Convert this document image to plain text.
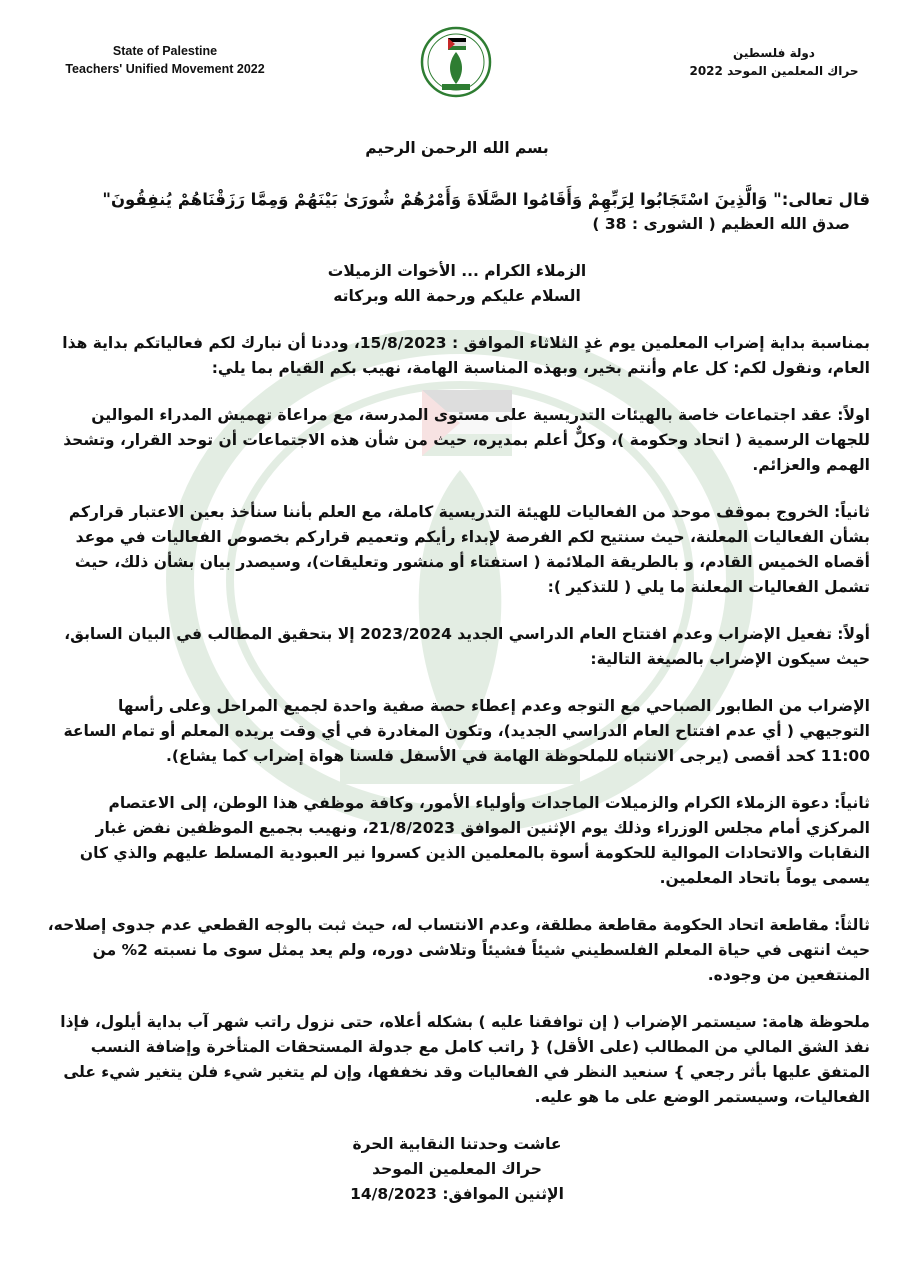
State of Palestine
Teachers' Unified Movement 2022
دولة فلسطين
حراك المعلمين الموحد 2022

بسم الله الرحمن الرحيم

قال تعالى:" وَالَّذِينَ اسْتَجَابُوا لِرَبِّهِمْ وَأَقَامُوا الصَّلَاةَ وَأَمْرُهُمْ شُورَىٰ بَيْنَهُمْ وَمِمَّا رَزَقْنَاهُمْ يُنفِقُونَ"

صدق الله العظيم ( الشورى : 38 )

الزملاء الكرام ... الأخوات الزميلات

السلام عليكم ورحمة الله وبركاته

بمناسبة بداية إضراب المعلمين يوم غدٍ الثلاثاء الموافق : 15/8/2023، وددنا أن نبارك لكم فعالياتكم بداية هذا العام، ونقول لكم: كل عام وأنتم بخير، وبهذه المناسبة الهامة، نهيب بكم القيام بما يلي:

اولاً: عقد اجتماعات خاصة بالهيئات التدريسية على مستوى المدرسة، مع مراعاة تهميش المدراء الموالين للجهات الرسمية ( اتحاد وحكومة )، وكلٌّ أعلم بمديره، حيث من شأن هذه الاجتماعات أن توحد القرار، وتشحذ الهمم والعزائم.

ثانياً: الخروج بموقف موحد من الفعاليات للهيئة التدريسية كاملة، مع العلم بأننا سنأخذ بعين الاعتبار قراركم بشأن الفعاليات المعلنة، حيث سنتيح لكم الفرصة لإبداء رأيكم وتعميم قراركم بخصوص الفعاليات في موعد أقصاه الخميس القادم، و بالطريقة الملائمة ( استفتاء أو منشور وتعليقات)، وسيصدر بيان بشأن ذلك، حيث تشمل الفعاليات المعلنة ما يلي ( للتذكير ):

أولاً: تفعيل الإضراب وعدم افتتاح العام الدراسي الجديد 2023/2024 إلا بتحقيق المطالب في البيان السابق، حيث سيكون الإضراب بالصيغة التالية:

الإضراب من الطابور الصباحي مع التوجه وعدم إعطاء حصة صفية واحدة لجميع المراحل وعلى رأسها التوجيهي ( أي عدم افتتاح العام الدراسي الجديد)، وتكون المغادرة في أي وقت يريده المعلم أو تمام الساعة 11:00 كحد أقصى (يرجى الانتباه للملحوظة الهامة في الأسفل فلسنا هواة إضراب كما يشاع).

ثانياً: دعوة الزملاء الكرام والزميلات الماجدات وأولياء الأمور، وكافة موظفي هذا الوطن، إلى الاعتصام المركزي أمام مجلس الوزراء وذلك يوم الإثنين الموافق 21/8/2023، ونهيب بجميع الموظفين نفض غبار النقابات والاتحادات الموالية للحكومة أسوة بالمعلمين الذين كسروا نير العبودية المسلط عليهم والذي كان يسمى يوماً باتحاد المعلمين.

ثالثاً: مقاطعة اتحاد الحكومة مقاطعة مطلقة، وعدم الانتساب له، حيث ثبت بالوجه القطعي عدم جدوى إصلاحه، حيث انتهى في حياة المعلم الفلسطيني شيئاً فشيئاً وتلاشى دوره، ولم يعد يمثل سوى ما نسبته 2% من المنتفعين من وجوده.

ملحوظة هامة: سيستمر الإضراب ( إن توافقنا عليه ) بشكله أعلاه، حتى نزول راتب شهر آب بداية أيلول، فإذا نفذ الشق المالي من المطالب (على الأقل) { راتب كامل مع جدولة المستحقات المتأخرة وإضافة النسب المتفق عليها بأثر رجعي } سنعيد النظر في الفعاليات وقد نخففها، وإن لم يتغير شيء فلن يتغير شيء على الفعاليات، وسيستمر الوضع على ما هو عليه.

عاشت وحدتنا النقابية الحرة

حراك المعلمين الموحد

الإثنين الموافق: 14/8/2023
